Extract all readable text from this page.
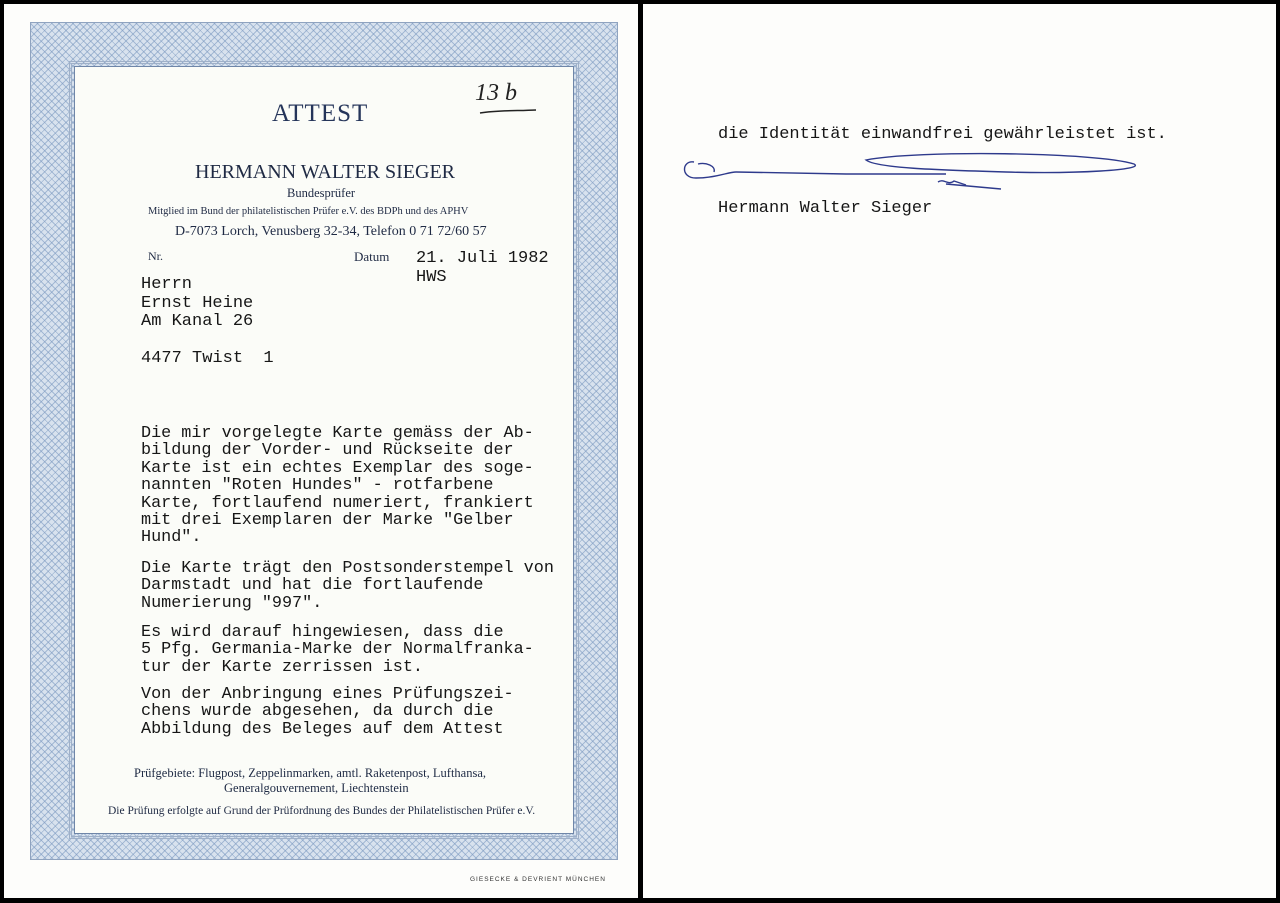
ATTEST
13 b
HERMANN WALTER SIEGER
Bundesprüfer
Mitglied im Bund der philatelistischen Prüfer e.V. des BDPh und des APHV
D-7073 Lorch, Venusberg 32-34, Telefon 0 71 72/60 57
Nr.	Datum 21. Juli 1982
HWS
Herrn
Ernst Heine
Am Kanal 26
4477 Twist  1
Die mir vorgelegte Karte gemäss der Ab-
bildung der Vorder- und Rückseite der
Karte ist ein echtes Exemplar des soge-
nannten "Roten Hundes" - rotfarbene
Karte, fortlaufend numeriert, frankiert
mit drei Exemplaren der Marke "Gelber
Hund".
Die Karte trägt den Postsonderstempel von
Darmstadt und hat die fortlaufende
Numerierung "997".
Es wird darauf hingewiesen, dass die
5 Pfg. Germania-Marke der Normalfranka-
tur der Karte zerrissen ist.
Von der Anbringung eines Prüfungszei-
chens wurde abgesehen, da durch die
Abbildung des Beleges auf dem Attest
Prüfgebiete: Flugpost, Zeppelinmarken, amtl. Raketenpost, Lufthansa,
Generalgouvernement, Liechtenstein
Die Prüfung erfolgte auf Grund der Prüfordnung des Bundes der Philatelistischen Prüfer e.V.
GIESECKE & DEVRIENT MÜNCHEN
die Identität einwandfrei gewährleistet ist.
Hermann Walter Sieger
